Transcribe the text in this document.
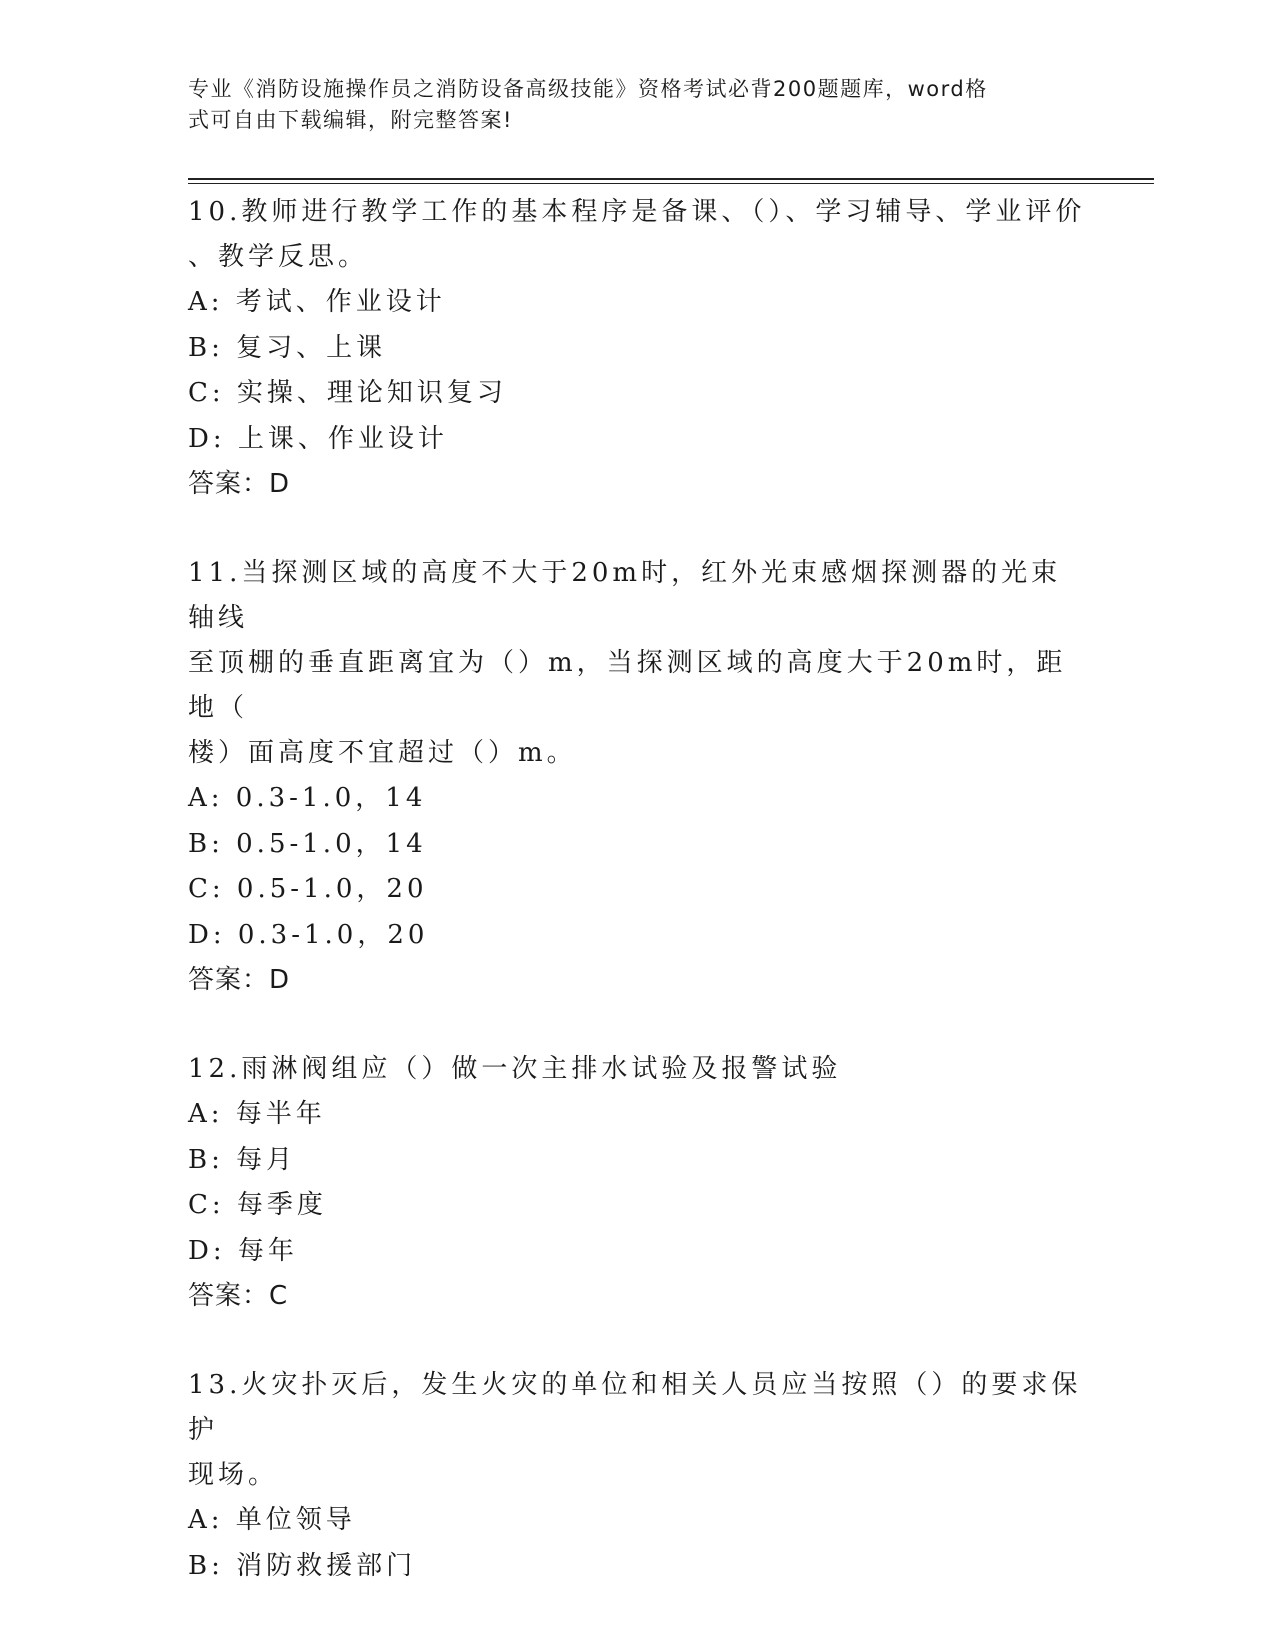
专业《消防设施操作员之消防设备高级技能》资格考试必背200题题库，word格
式可自由下载编辑，附完整答案!
10.教师进行教学工作的基本程序是备课、（）、学习辅导、学业评价
、教学反思。
A: 考试、作业设计
B: 复习、上课
C: 实操、理论知识复习
D: 上课、作业设计
答案：D
11.当探测区域的高度不大于20m时，红外光束感烟探测器的光束轴线
至顶棚的垂直距离宜为（）m，当探测区域的高度大于20m时，距地（
楼）面高度不宜超过（）m。
A: 0.3-1.0，14
B: 0.5-1.0，14
C: 0.5-1.0，20
D: 0.3-1.0，20
答案：D
12.雨淋阀组应（）做一次主排水试验及报警试验
A: 每半年
B: 每月
C: 每季度
D: 每年
答案：C
13.火灾扑灭后，发生火灾的单位和相关人员应当按照（）的要求保护
现场。
A: 单位领导
B: 消防救援部门
